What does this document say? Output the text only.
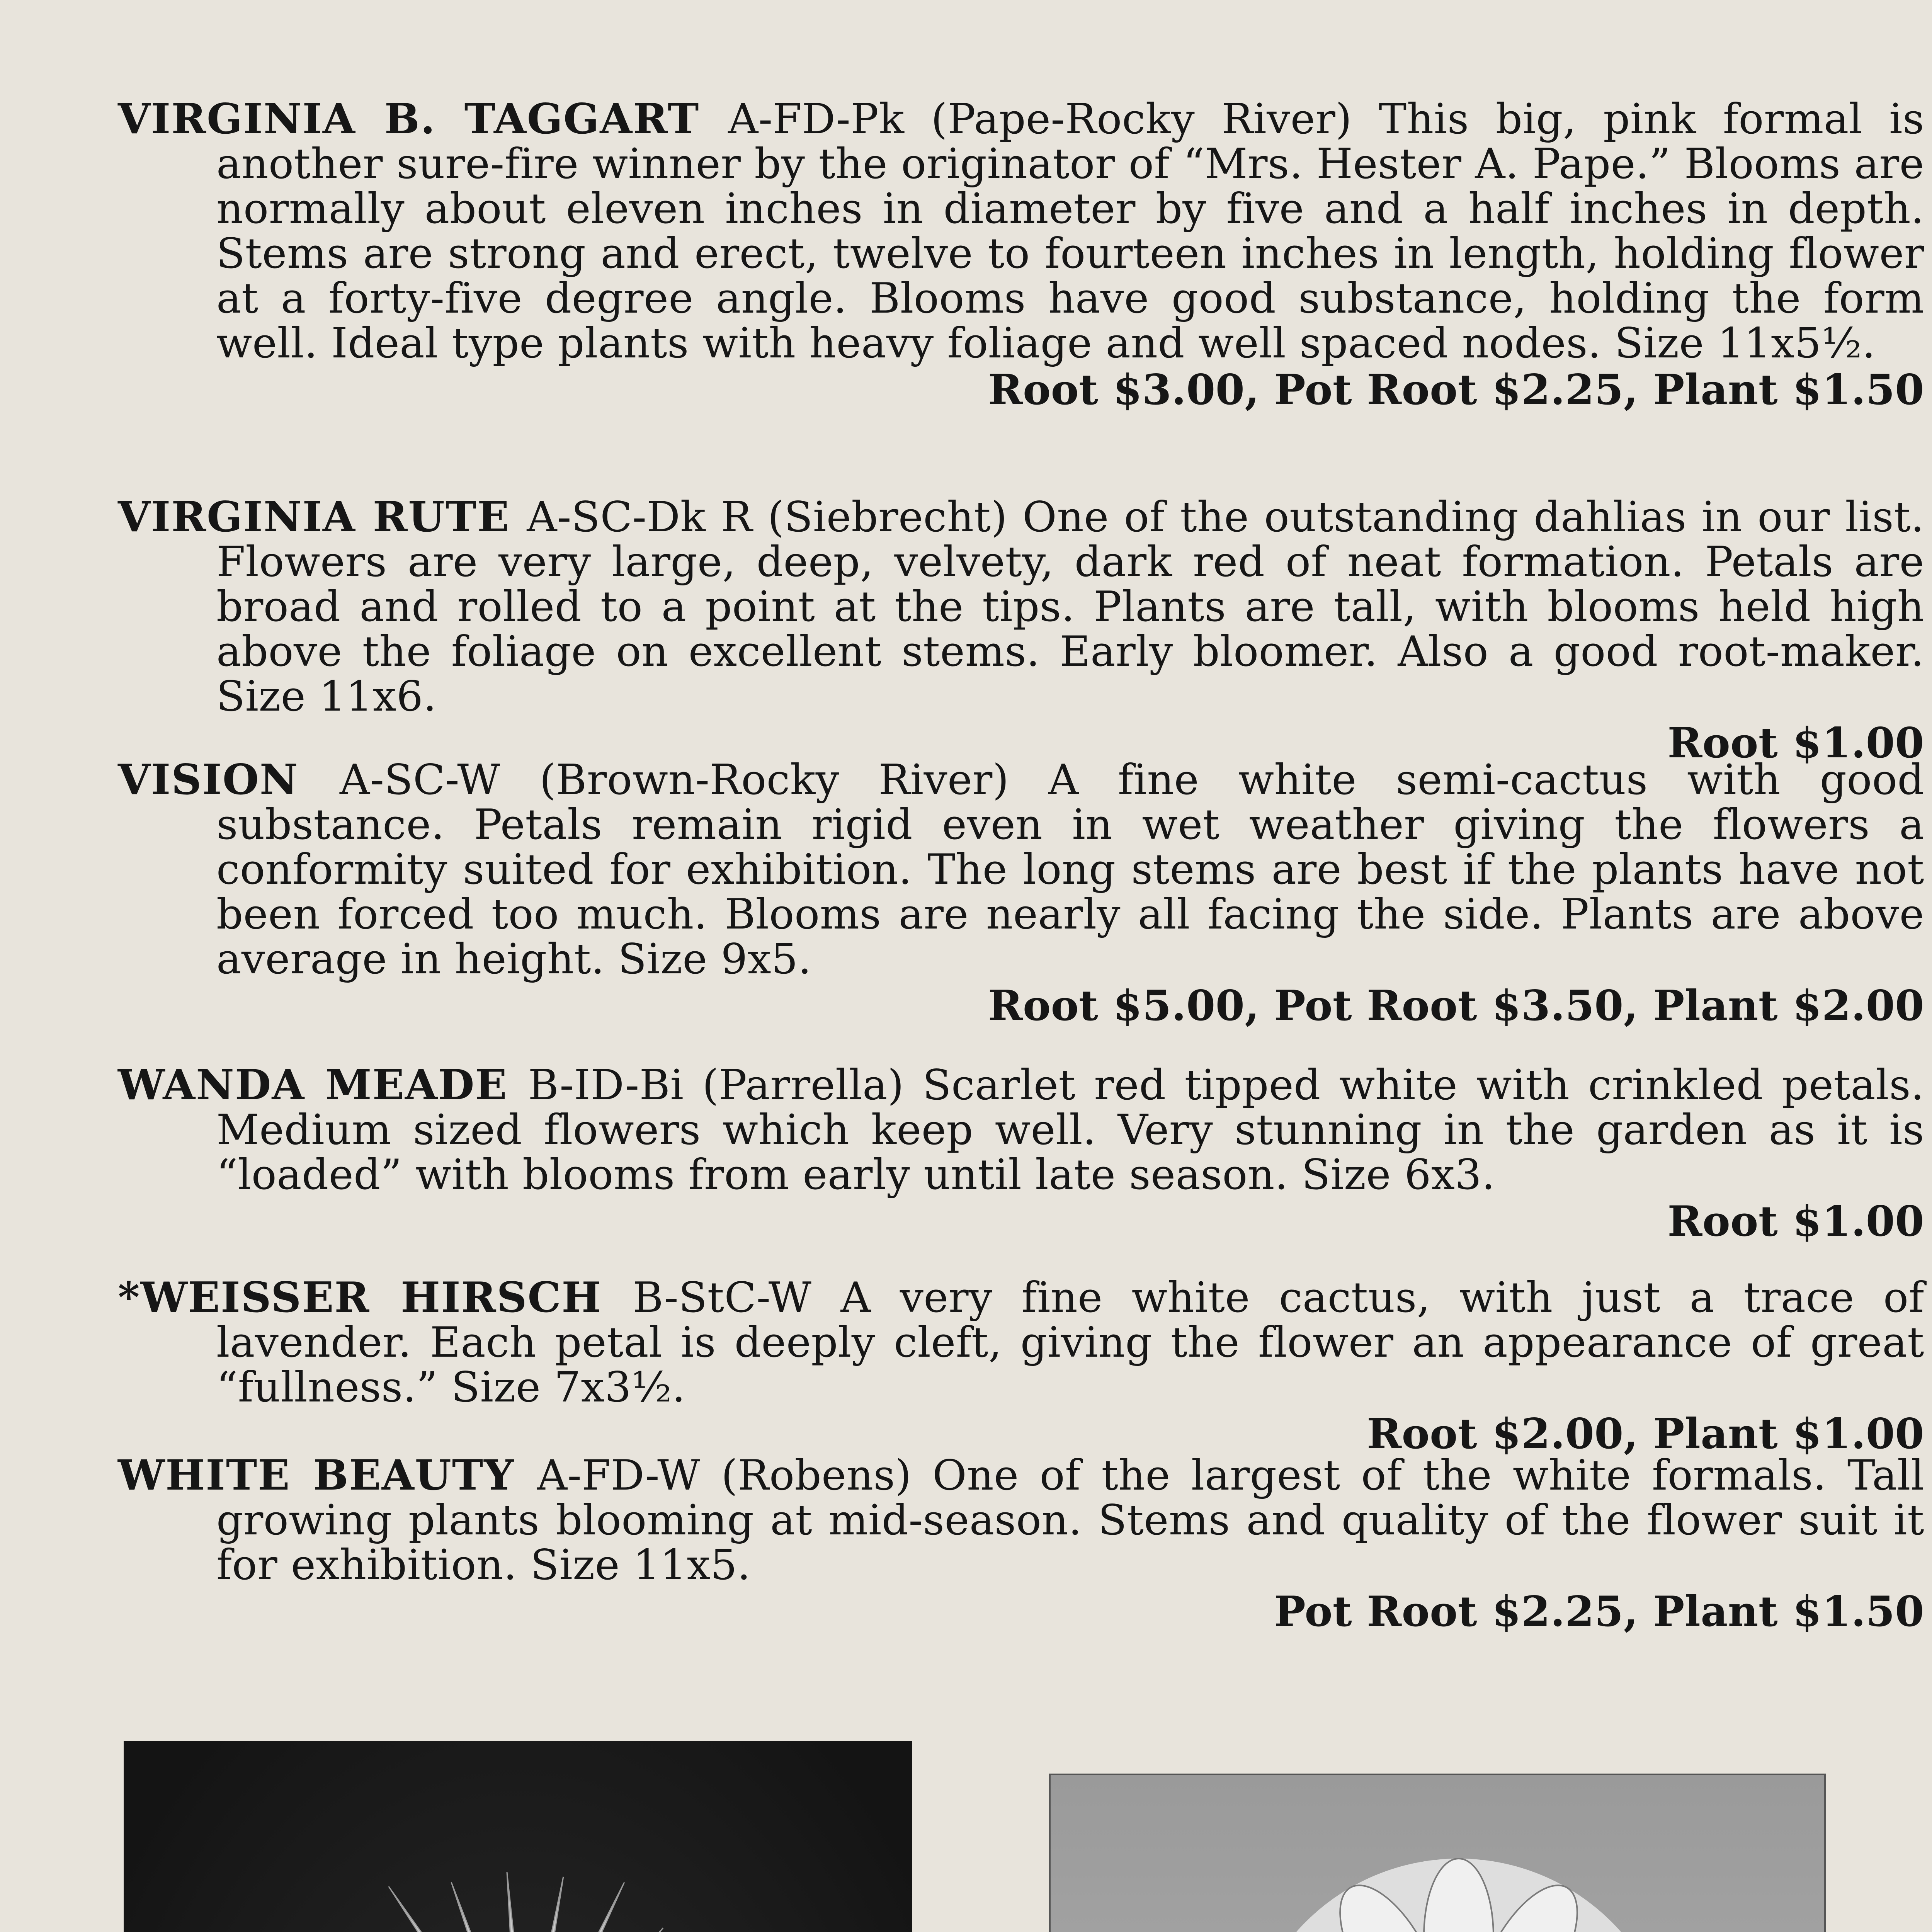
VIRGINIA B. TAGGART A-FD-Pk (Pape-Rocky River) This big, pink formal is another sure-fire winner by the originator of “Mrs. Hester A. Pape.” Blooms are normally about eleven inches in diameter by five and a half inches in depth. Stems are strong and erect, twelve to fourteen inches in length, holding flower at a forty-five degree angle. Blooms have good substance, holding the form well. Ideal type plants with heavy foliage and well spaced nodes. Size 11x5½.
Root $3.00, Pot Root $2.25, Plant $1.50
VIRGINIA RUTE A-SC-Dk R (Siebrecht) One of the outstanding dahlias in our list. Flowers are very large, deep, velvety, dark red of neat formation. Petals are broad and rolled to a point at the tips. Plants are tall, with blooms held high above the foliage on excellent stems. Early bloomer. Also a good root-maker. Size 11x6.
Root $1.00
VISION A-SC-W (Brown-Rocky River) A fine white semi-cactus with good substance. Petals remain rigid even in wet weather giving the flowers a conformity suited for exhibition. The long stems are best if the plants have not been forced too much. Blooms are nearly all facing the side. Plants are above average in height. Size 9x5.
Root $5.00, Pot Root $3.50, Plant $2.00
WANDA MEADE B-ID-Bi (Parrella) Scarlet red tipped white with crinkled petals. Medium sized flowers which keep well. Very stunning in the garden as it is “loaded” with blooms from early until late season. Size 6x3.
Root $1.00
*WEISSER HIRSCH B-StC-W A very fine white cactus, with just a trace of lavender. Each petal is deeply cleft, giving the flower an appearance of great “fullness.” Size 7x3½.
Root $2.00, Plant $1.00
WHITE BEAUTY A-FD-W (Robens) One of the largest of the white formals. Tall growing plants blooming at mid-season. Stems and quality of the flower suit it for exhibition. Size 11x5.
Pot Root $2.25, Plant $1.50
